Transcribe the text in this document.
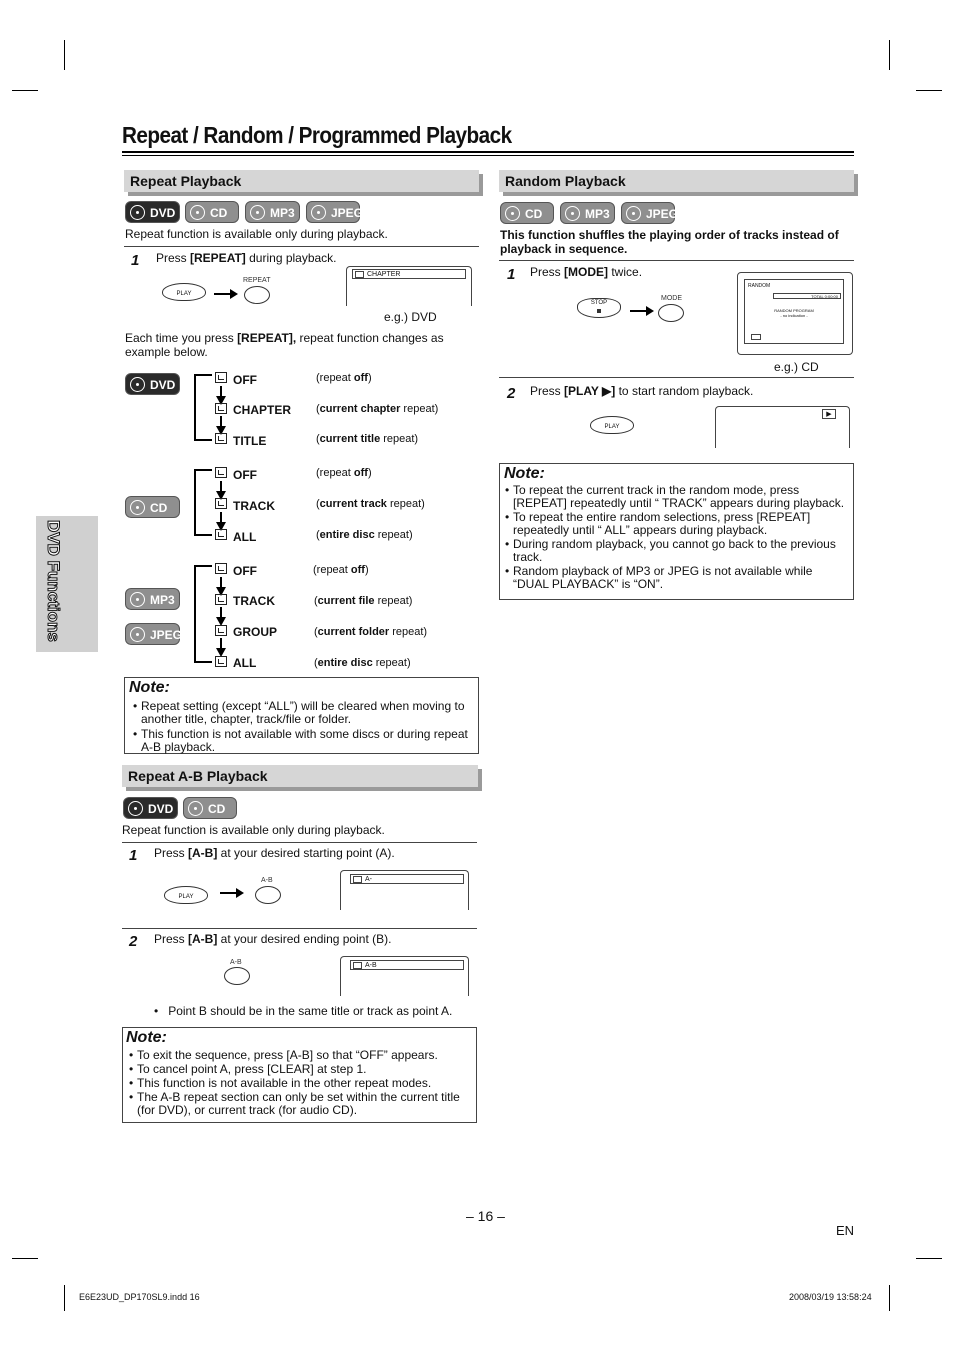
Repeat / Random / Programmed Playback
DVD Functions
Repeat Playback
DVD	CD	MP3	JPEG
Repeat function is available only during playback.
1 Press [REPEAT] during playback.
PLAY
REPEAT
CHAPTER
e.g.) DVD
Each time you press [REPEAT], repeat function changes as example below.
DVD	OFF	(repeat off)
CHAPTER (current chapter repeat)
TITLE	(current title repeat)
CD
OFF	(repeat off)
TRACK	(current track repeat)
ALL	(entire disc repeat)
MP3
JPEG
OFF	(repeat off)
TRACK	(current file repeat)
GROUP	(current folder repeat)
ALL	(entire disc repeat)
Note:
• Repeat setting (except “ALL”) will be cleared when moving to another title, chapter, track/file or folder.
• This function is not available with some discs or during repeat A-B playback.
Repeat A-B Playback
DVD	CD
Repeat function is available only during playback.
1 Press [A-B] at your desired starting point (A).
PLAY
A-B	A-
2 Press [A-B] at your desired ending point (B).
A-B	A-B
•   Point B should be in the same title or track as point A.
Note:
• To exit the sequence, press [A-B] so that “OFF” appears.
• To cancel point A, press [CLEAR] at step 1.
• This function is not available in the other repeat modes.
• The A-B repeat section can only be set within the current title (for DVD), or current track (for audio CD).
Random Playback
CD	MP3	JPEG
This function shuffles the playing order of tracks instead of playback in sequence.
1 Press [MODE] twice.
STOP
MODE
RANDOM
TOTAL 0:00:00
RANDOM PROGRAM
- no indication -
e.g.) CD
2 Press [PLAY ▶] to start random playback.
PLAY
▶
Note:
• To repeat the current track in the random mode, press [REPEAT] repeatedly until “ TRACK” appears during playback.
• To repeat the entire random selections, press [REPEAT] repeatedly until “ ALL” appears during playback.
• During random playback, you cannot go back to the previous track.
• Random playback of MP3 or JPEG is not available while “DUAL PLAYBACK” is “ON”.
– 16 –
EN
E6E23UD_DP170SL9.indd 16	2008/03/19 13:58:24
